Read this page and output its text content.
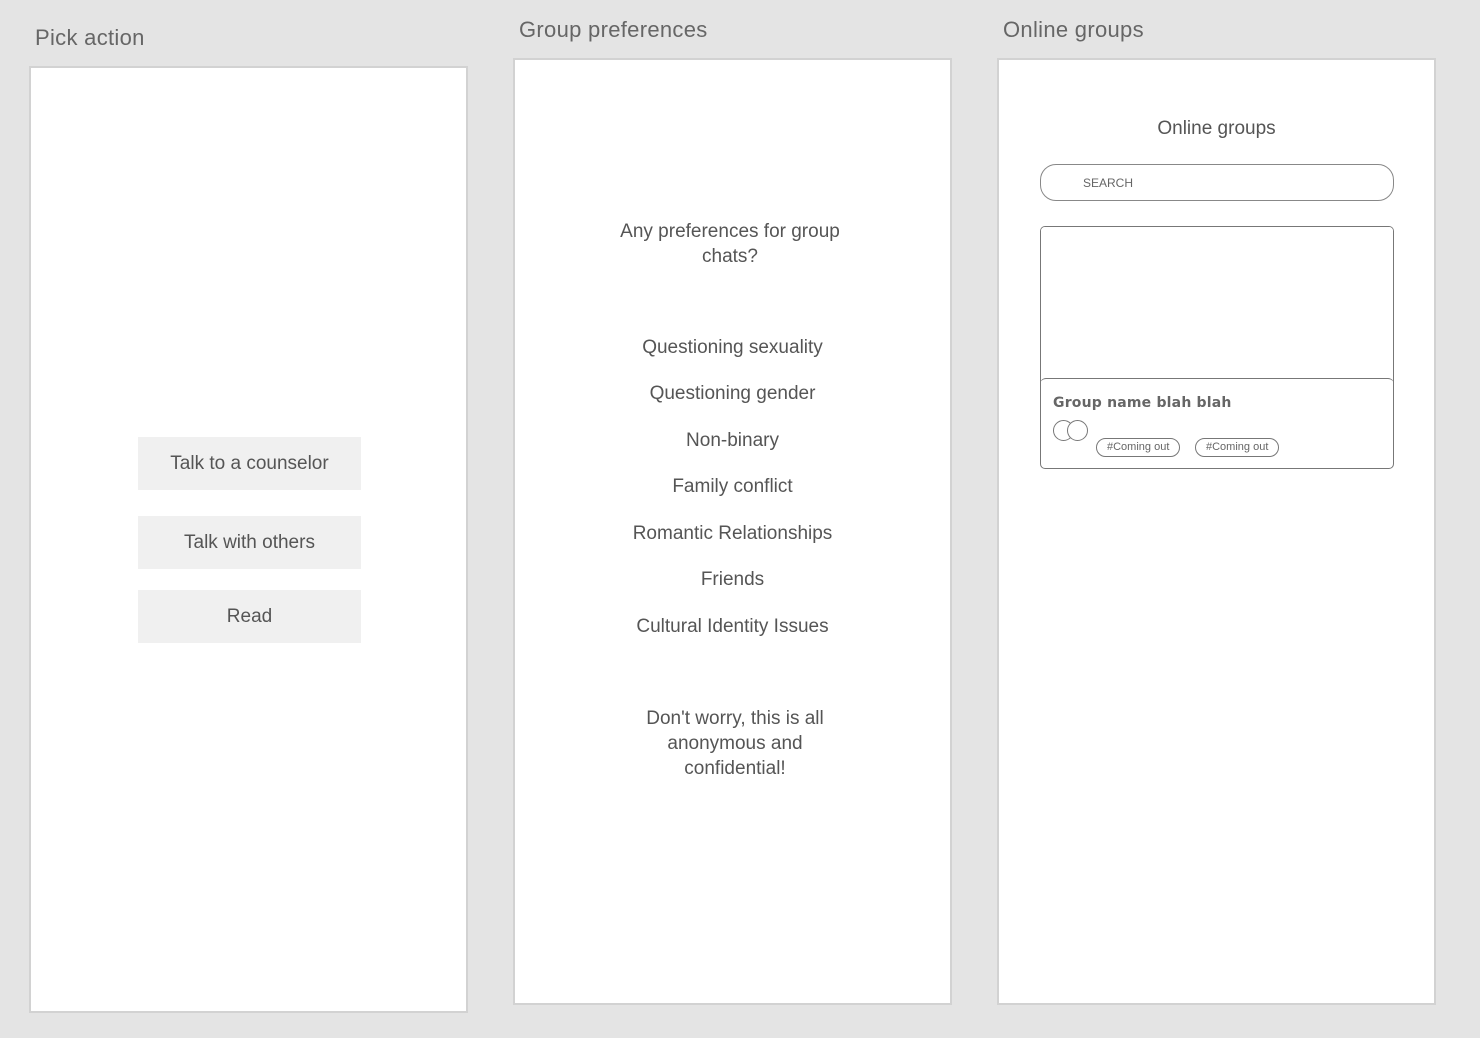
Pick action
Talk to a counselor
Talk with others
Read
Group preferences
Any preferences for group chats?
Questioning sexuality
Questioning gender
Non-binary
Family conflict
Romantic Relationships
Friends
Cultural Identity Issues
Don't worry, this is all anonymous and confidential!
Online groups
Online groups
SEARCH
Group name blah blah
#Coming out	#Coming out
